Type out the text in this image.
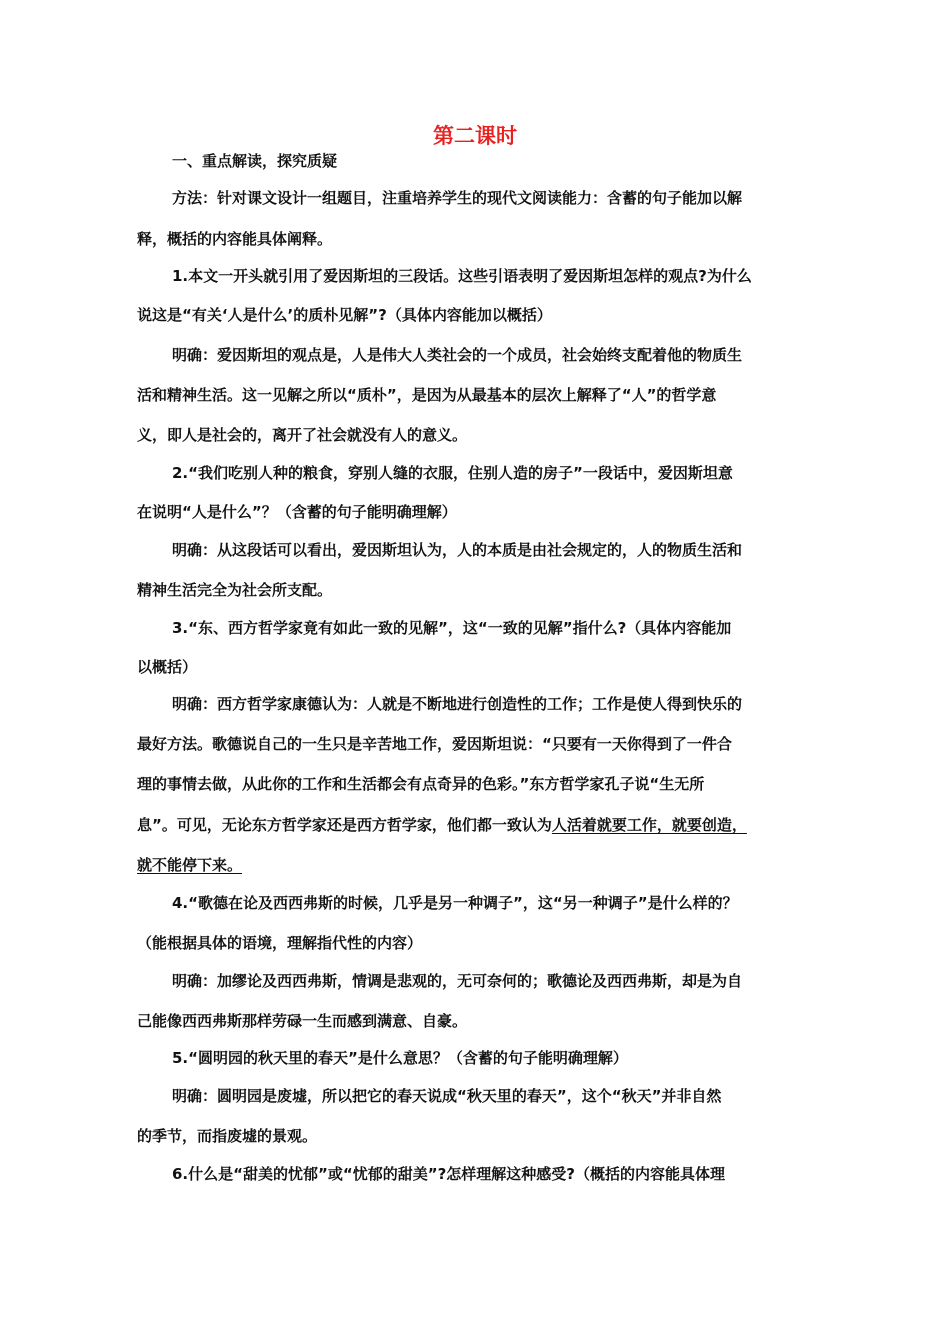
第二课时
一、重点解读，探究质疑
方法：针对课文设计一组题目，注重培养学生的现代文阅读能力：含蓄的句子能加以解
释，概括的内容能具体阐释。
1.本文一开头就引用了爱因斯坦的三段话。这些引语表明了爱因斯坦怎样的观点?为什么
说这是“有关‘人是什么’的质朴见解”?（具体内容能加以概括）
明确：爱因斯坦的观点是，人是伟大人类社会的一个成员，社会始终支配着他的物质生
活和精神生活。这一见解之所以“质朴”，是因为从最基本的层次上解释了“人”的哲学意
义，即人是社会的，离开了社会就没有人的意义。
2.“我们吃别人种的粮食，穿别人缝的衣服，住别人造的房子”一段话中，爱因斯坦意
在说明“人是什么”？（含蓄的句子能明确理解）
明确：从这段话可以看出，爱因斯坦认为，人的本质是由社会规定的，人的物质生活和
精神生活完全为社会所支配。
3.“东、西方哲学家竟有如此一致的见解”，这“一致的见解”指什么?（具体内容能加
以概括）
明确：西方哲学家康德认为：人就是不断地进行创造性的工作；工作是使人得到快乐的
最好方法。歌德说自己的一生只是辛苦地工作，爱因斯坦说：“只要有一天你得到了一件合
理的事情去做，从此你的工作和生活都会有点奇异的色彩。”东方哲学家孔子说“生无所
息”。可见，无论东方哲学家还是西方哲学家，他们都一致认为人活着就要工作，就要创造，
就不能停下来。
4.“歌德在论及西西弗斯的时候，几乎是另一种调子”，这“另一种调子”是什么样的？
（能根据具体的语境，理解指代性的内容）
明确：加缪论及西西弗斯，情调是悲观的，无可奈何的；歌德论及西西弗斯，却是为自
己能像西西弗斯那样劳碌一生而感到满意、自豪。
5.“圆明园的秋天里的春天”是什么意思？（含蓄的句子能明确理解）
明确：圆明园是废墟，所以把它的春天说成“秋天里的春天”，这个“秋天”并非自然
的季节，而指废墟的景观。
6.什么是“甜美的忧郁”或“忧郁的甜美”?怎样理解这种感受?（概括的内容能具体理
